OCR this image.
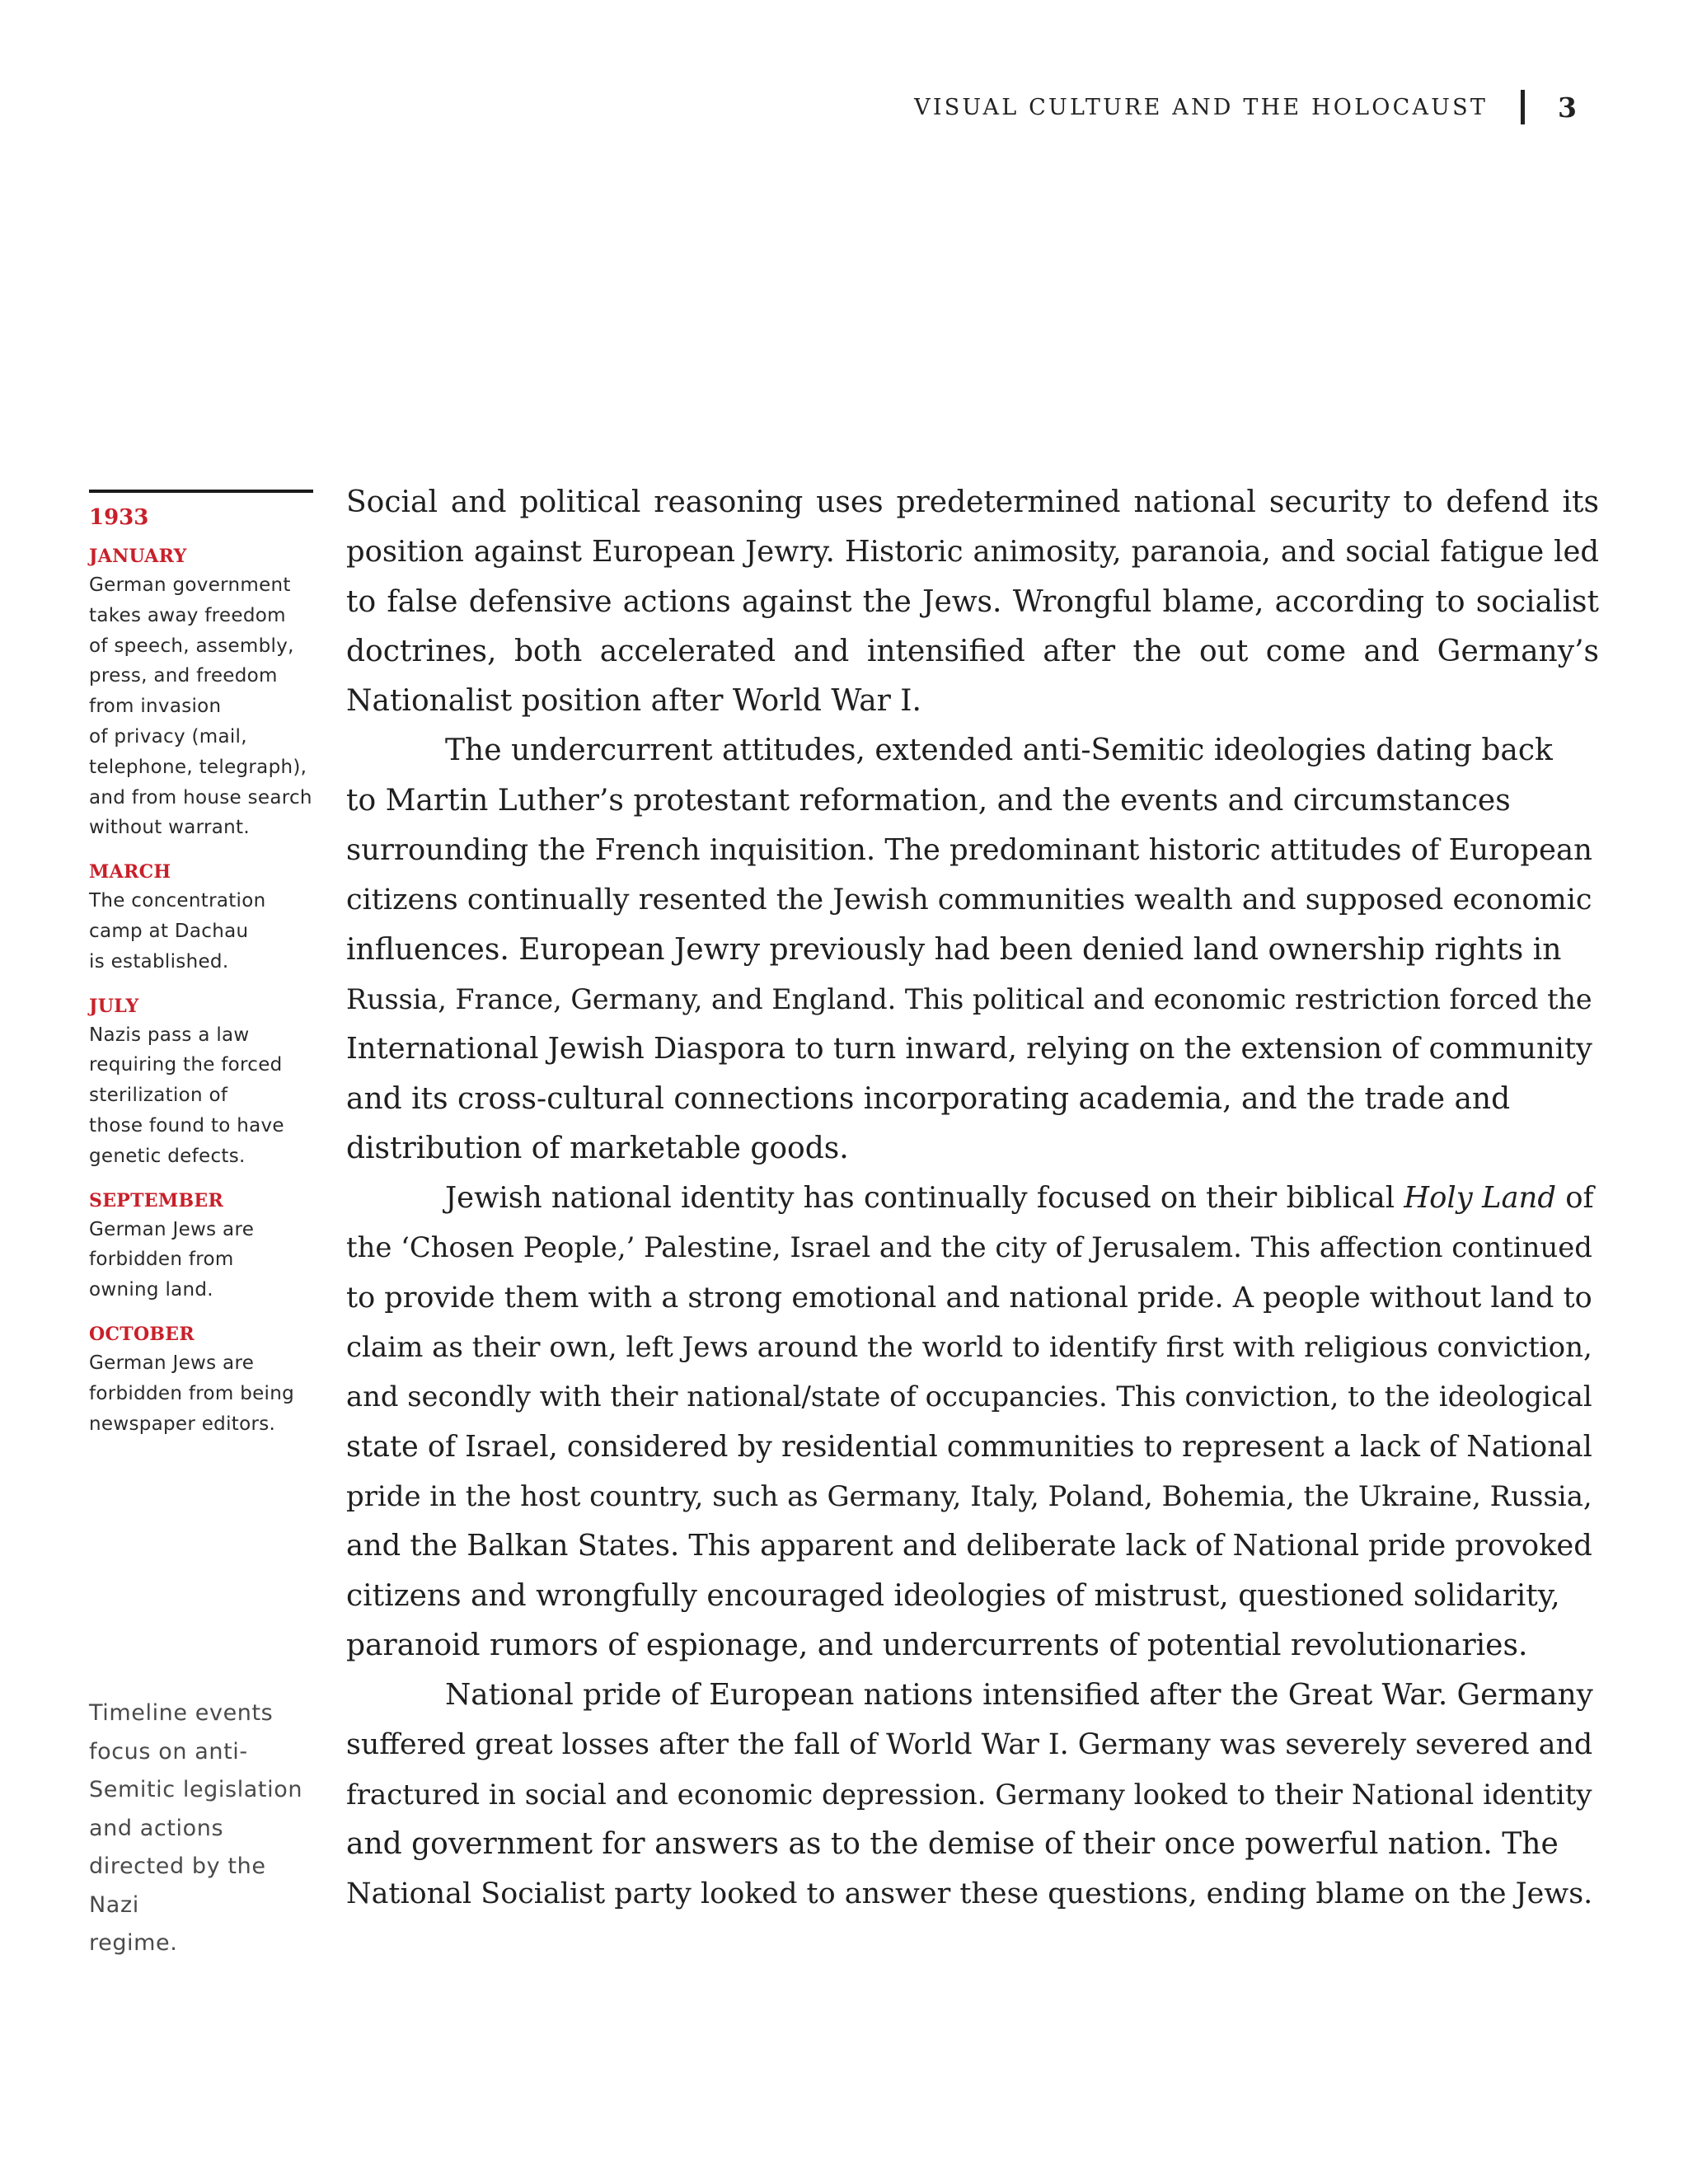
VISUAL CULTURE AND THE HOLOCAUST	3
1933
JANUARY

German government
takes away freedom
of speech, assembly,
press, and freedom
from invasion
of privacy (mail,
telephone, telegraph),
and from house search
without warrant.

MARCH

The concentration
camp at Dachau
is established.

JULY

Nazis pass a law
requiring the forced
sterilization of
those found to have
genetic defects.

SEPTEMBER

German Jews are
forbidden from
owning land.

OCTOBER

German Jews are
forbidden from being
newspaper editors.

Timeline events
focus on anti-
Semitic legislation
and actions
directed by the Nazi
regime.

Social and political reasoning uses predetermined national security to defend its
position against European Jewry. Historic animosity, paranoia, and social fatigue led
to false defensive actions against the Jews. Wrongful blame, according to socialist
doctrines, both accelerated and intensified after the out come and Germany’s
Nationalist position after World War I.

The undercurrent attitudes, extended anti-Semitic ideologies dating back
to Martin Luther’s protestant reformation, and the events and circumstances
surrounding the French inquisition. The predominant historic attitudes of European
citizens continually resented the Jewish communities wealth and supposed economic
influences. European Jewry previously had been denied land ownership rights in
Russia, France, Germany, and England. This political and economic restriction forced the
International Jewish Diaspora to turn inward, relying on the extension of community
and its cross-cultural connections incorporating academia, and the trade and
distribution of marketable goods.

Jewish national identity has continually focused on their biblical Holy Land of
the ‘Chosen People,’ Palestine, Israel and the city of Jerusalem. This affection continued
to provide them with a strong emotional and national pride. A people without land to
claim as their own, left Jews around the world to identify first with religious conviction,
and secondly with their national/state of occupancies. This conviction, to the ideological
state of Israel, considered by residential communities to represent a lack of National
pride in the host country, such as Germany, Italy, Poland, Bohemia, the Ukraine, Russia,
and the Balkan States. This apparent and deliberate lack of National pride provoked
citizens and wrongfully encouraged ideologies of mistrust, questioned solidarity,
paranoid rumors of espionage, and undercurrents of potential revolutionaries.

National pride of European nations intensified after the Great War. Germany
suffered great losses after the fall of World War I. Germany was severely severed and
fractured in social and economic depression. Germany looked to their National identity
and government for answers as to the demise of their once powerful nation. The
National Socialist party looked to answer these questions, ending blame on the Jews.
